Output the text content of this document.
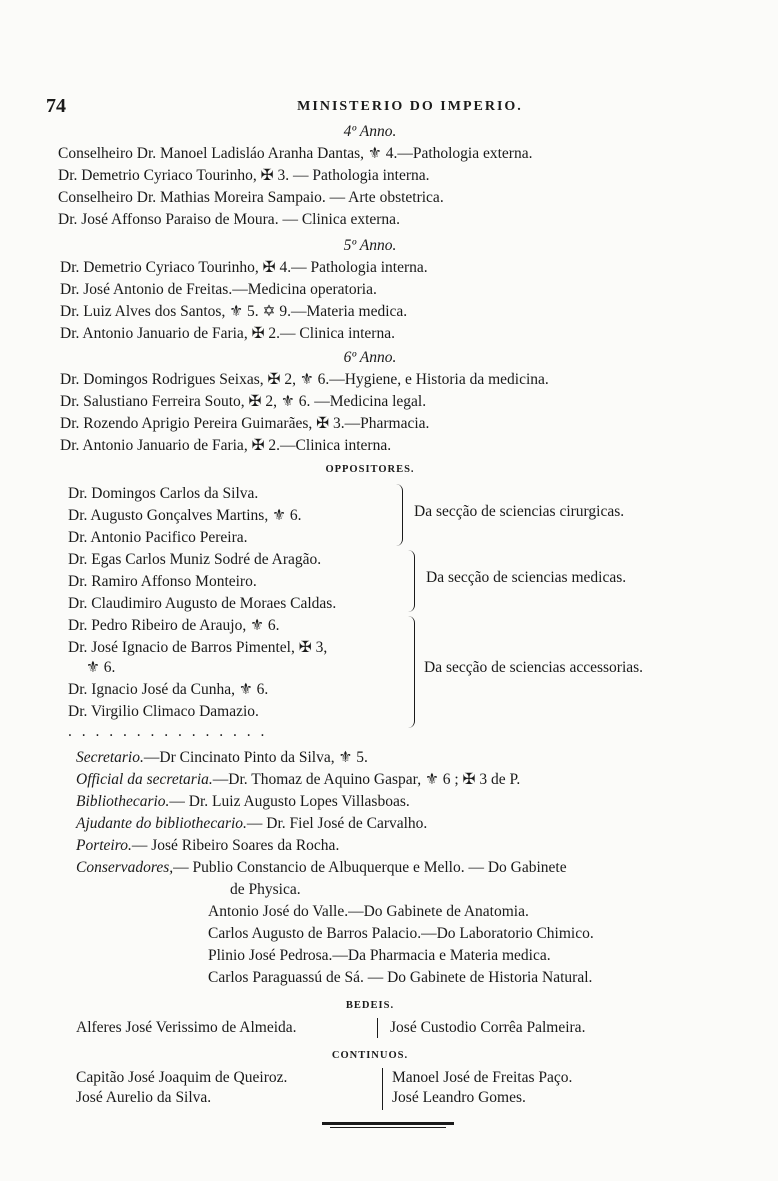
74	MINISTERIO DO IMPERIO.
4º Anno.
Conselheiro Dr. Manoel Ladisláo Aranha Dantas, ⚜ 4.—Pathologia externa.
Dr. Demetrio Cyriaco Tourinho, ✠ 3. — Pathologia interna.
Conselheiro Dr. Mathias Moreira Sampaio. — Arte obstetrica.
Dr. José Affonso Paraiso de Moura. — Clinica externa.
5º Anno.
Dr. Demetrio Cyriaco Tourinho, ✠ 4.— Pathologia interna.
Dr. José Antonio de Freitas.—Medicina operatoria.
Dr. Luiz Alves dos Santos, ⚜ 5. ✡ 9.—Materia medica.
Dr. Antonio Januario de Faria, ✠ 2.— Clinica interna.
6º Anno.
Dr. Domingos Rodrigues Seixas, ✠ 2, ⚜ 6.—Hygiene, e Historia da medicina.
Dr. Salustiano Ferreira Souto, ✠ 2, ⚜ 6. —Medicina legal.
Dr. Rozendo Aprigio Pereira Guimarães, ✠ 3.—Pharmacia.
Dr. Antonio Januario de Faria, ✠ 2.—Clinica interna.
OPPOSITORES.
Dr. Domingos Carlos da Silva.
Dr. Augusto Gonçalves Martins, ⚜ 6.
Dr. Antonio Pacifico Pereira.
Da secção de sciencias cirurgicas.
Dr. Egas Carlos Muniz Sodré de Aragão.
Dr. Ramiro Affonso Monteiro.
Dr. Claudimiro Augusto de Moraes Caldas.
Da secção de sciencias medicas.
Dr. Pedro Ribeiro de Araujo, ⚜ 6.
Dr. José Ignacio de Barros Pimentel, ✠ 3,
⚜ 6.
Dr. Ignacio José da Cunha, ⚜ 6.
Dr. Virgilio Climaco Damazio.
Da secção de sciencias accessorias.
. . . . . . . . . . . . . . .
Secretario.—Dr Cincinato Pinto da Silva, ⚜ 5.
Official da secretaria.—Dr. Thomaz de Aquino Gaspar, ⚜ 6 ; ✠ 3 de P.
Bibliothecario.— Dr. Luiz Augusto Lopes Villasboas.
Ajudante do bibliothecario.— Dr. Fiel José de Carvalho.
Porteiro.— José Ribeiro Soares da Rocha.
Conservadores,— Publio Constancio de Albuquerque e Mello. — Do Gabinete
de Physica.
Antonio José do Valle.—Do Gabinete de Anatomia.
Carlos Augusto de Barros Palacio.—Do Laboratorio Chimico.
Plinio José Pedrosa.—Da Pharmacia e Materia medica.
Carlos Paraguassú de Sá. — Do Gabinete de Historia Natural.
BEDEIS.
Alferes José Verissimo de Almeida.	José Custodio Corrêa Palmeira.
CONTINUOS.
Capitão José Joaquim de Queiroz.
José Aurelio da Silva.
Manoel José de Freitas Paço.
José Leandro Gomes.
